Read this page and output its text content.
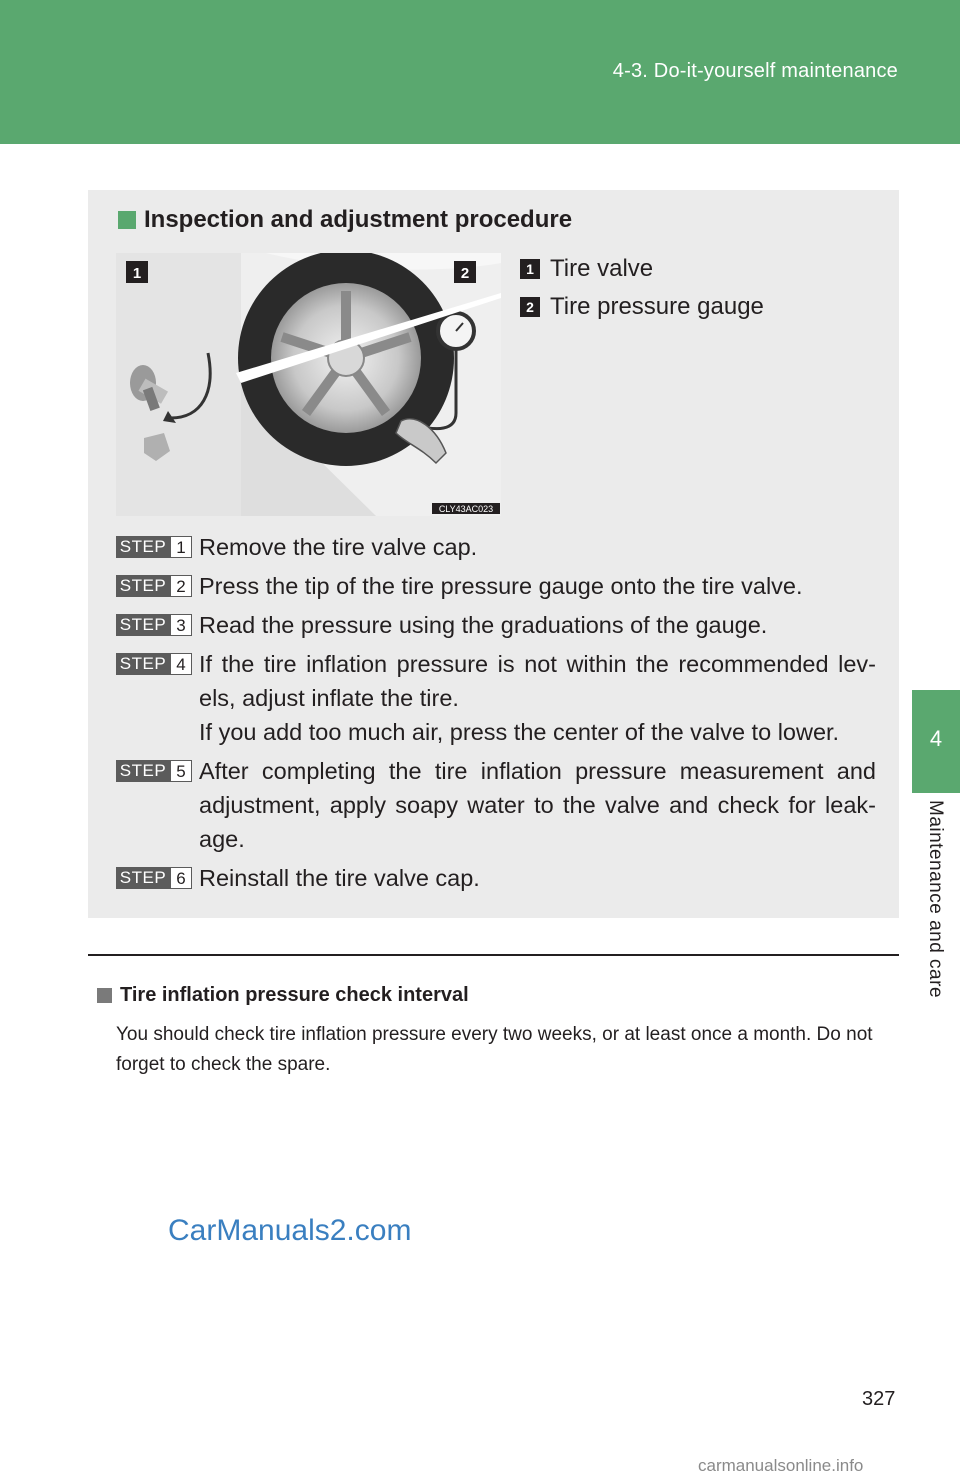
4-3. Do-it-yourself maintenance
4
Maintenance and care
Inspection and adjustment procedure
1	2
CLY43AC023
1 Tire valve
2 Tire pressure gauge
STEP 1 Remove the tire valve cap.
STEP 2 Press the tip of the tire pressure gauge onto the tire valve.
STEP 3 Read the pressure using the graduations of the gauge.
STEP 4 If the tire inflation pressure is not within the recommended lev-els, adjust inflate the tire.
If you add too much air, press the center of the valve to lower.
STEP 5 After completing the tire inflation pressure measurement and adjustment, apply soapy water to the valve and check for leak-age.
STEP 6 Reinstall the tire valve cap.
Tire inflation pressure check interval
You should check tire inflation pressure every two weeks, or at least once a month. Do not forget to check the spare.
CarManuals2.com
327
carmanualsonline.info
